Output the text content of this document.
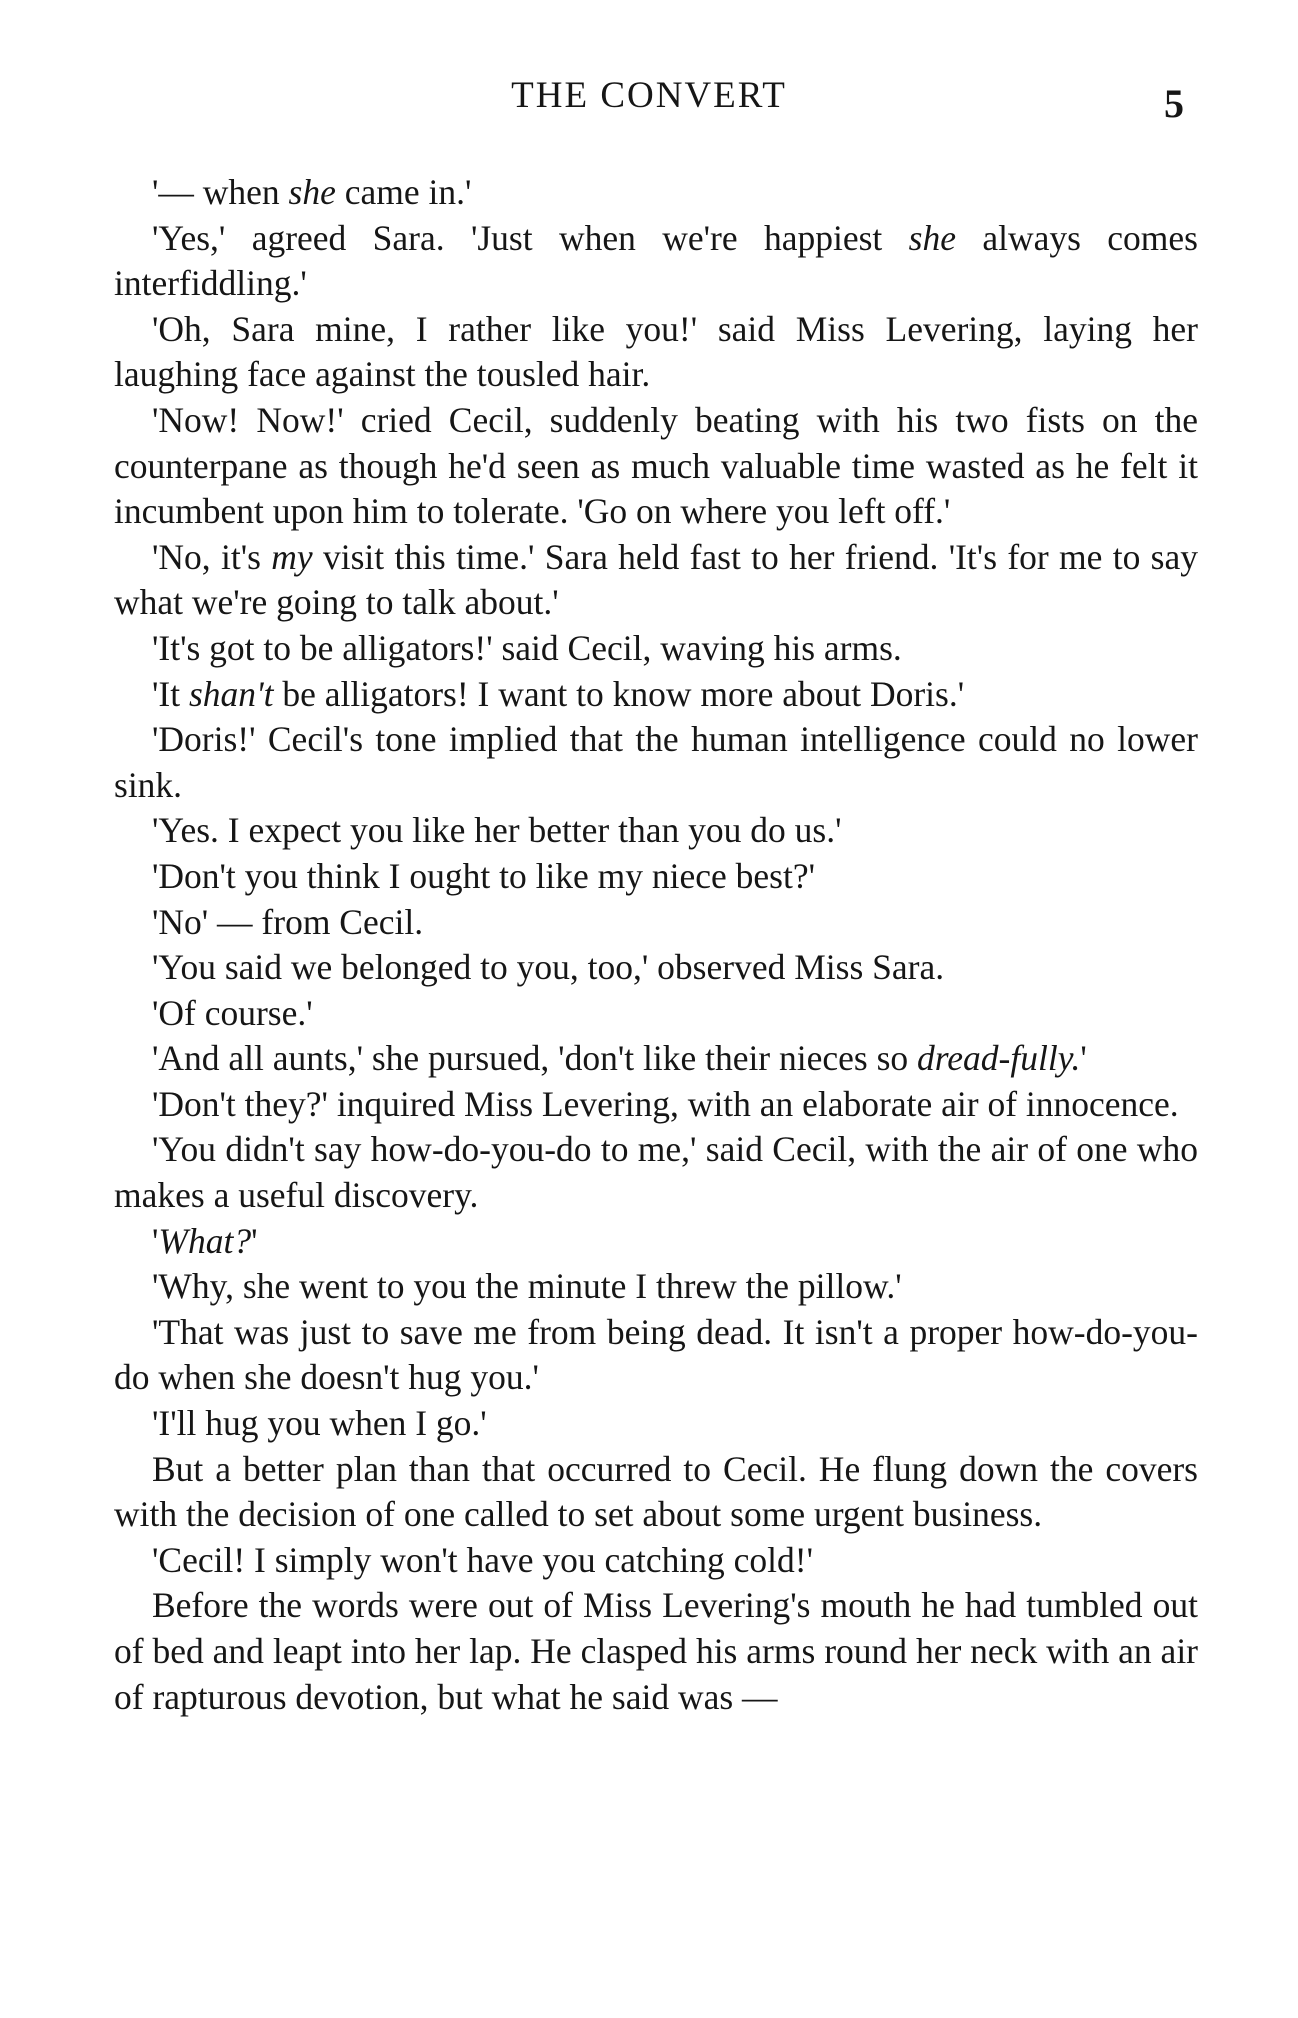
THE CONVERT	5

'— when she came in.'

'Yes,' agreed Sara. 'Just when we're happiest she always comes interfiddling.'

'Oh, Sara mine, I rather like you!' said Miss Levering, laying her laughing face against the tousled hair.

'Now! Now!' cried Cecil, suddenly beating with his two fists on the counterpane as though he'd seen as much valuable time wasted as he felt it incumbent upon him to tolerate. 'Go on where you left off.'

'No, it's my visit this time.' Sara held fast to her friend. 'It's for me to say what we're going to talk about.'

'It's got to be alligators!' said Cecil, waving his arms.

'It shan't be alligators! I want to know more about Doris.'

'Doris!' Cecil's tone implied that the human intelligence could no lower sink.

'Yes. I expect you like her better than you do us.'

'Don't you think I ought to like my niece best?'

'No' — from Cecil.

'You said we belonged to you, too,' observed Miss Sara.

'Of course.'

'And all aunts,' she pursued, 'don't like their nieces so dread-fully.'

'Don't they?' inquired Miss Levering, with an elaborate air of innocence.

'You didn't say how-do-you-do to me,' said Cecil, with the air of one who makes a useful discovery.

'What?'

'Why, she went to you the minute I threw the pillow.'

'That was just to save me from being dead. It isn't a proper how-do-you-do when she doesn't hug you.'

'I'll hug you when I go.'

But a better plan than that occurred to Cecil. He flung down the covers with the decision of one called to set about some urgent business.

'Cecil! I simply won't have you catching cold!'

Before the words were out of Miss Levering's mouth he had tumbled out of bed and leapt into her lap. He clasped his arms round her neck with an air of rapturous devotion, but what he said was —
